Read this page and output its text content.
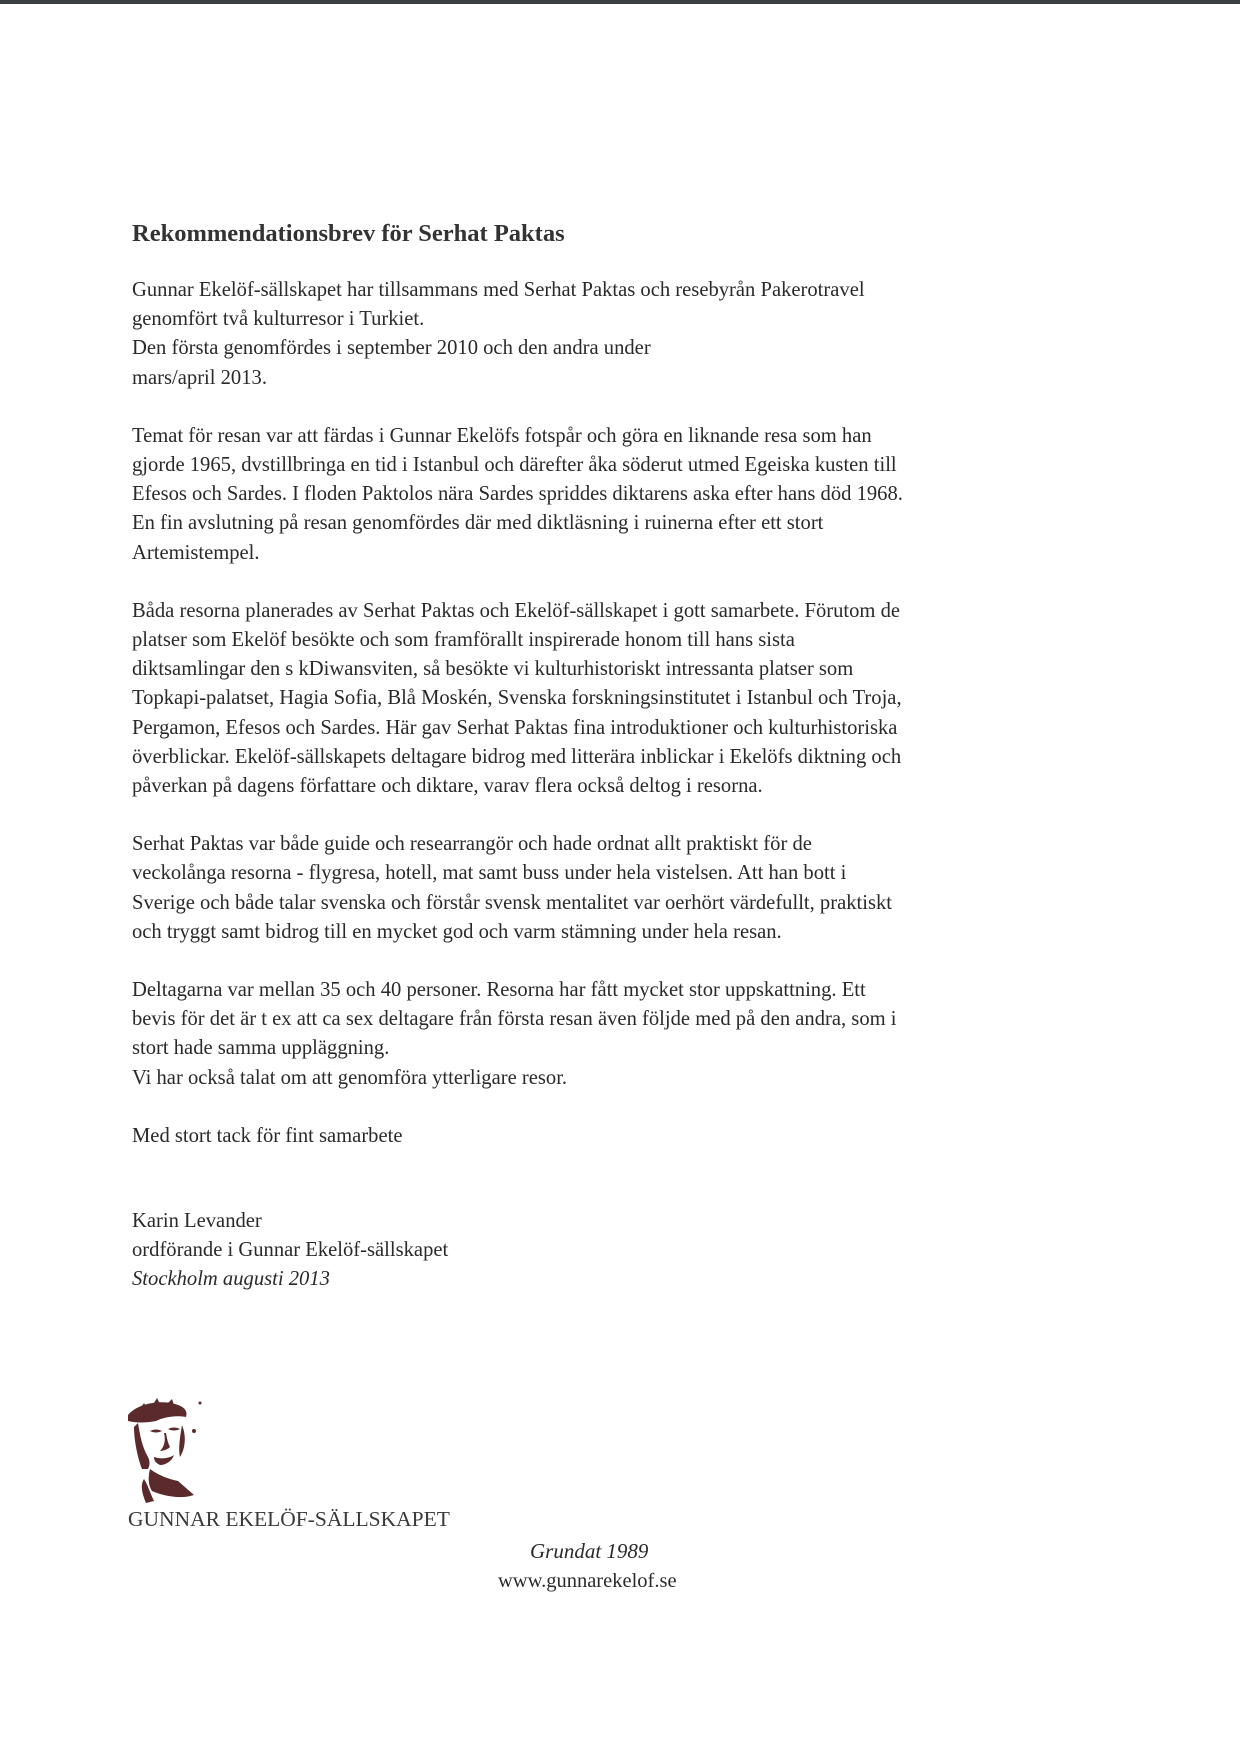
Rekommendationsbrev för Serhat Paktas
Gunnar Ekelöf-sällskapet har tillsammans med Serhat Paktas och resebyrån Pakerotravel
genomfört två kulturresor i Turkiet.
Den första genomfördes i september 2010 och den andra under
mars/april 2013.
Temat för resan var att färdas i Gunnar Ekelöfs fotspår och göra en liknande resa som han
gjorde 1965, dvstillbringa en tid i Istanbul och därefter åka söderut utmed Egeiska kusten till
Efesos och Sardes. I floden Paktolos nära Sardes spriddes diktarens aska efter hans död 1968.
En fin avslutning på resan genomfördes där med diktläsning i ruinerna efter ett stort
Artemistempel.
Båda resorna planerades av Serhat Paktas och Ekelöf-sällskapet i gott samarbete. Förutom de
platser som Ekelöf besökte och som framförallt inspirerade honom till hans sista
diktsamlingar den s kDiwansviten, så besökte vi kulturhistoriskt intressanta platser som
Topkapi-palatset, Hagia Sofia, Blå Moskén, Svenska forskningsinstitutet i Istanbul och Troja,
Pergamon, Efesos och Sardes. Här gav Serhat Paktas fina introduktioner och kulturhistoriska
överblickar. Ekelöf-sällskapets deltagare bidrog med litterära inblickar i Ekelöfs diktning och
påverkan på dagens författare och diktare, varav flera också deltog i resorna.
Serhat Paktas var både guide och researrangör och hade ordnat allt praktiskt för de
veckolånga resorna - flygresa, hotell, mat samt buss under hela vistelsen. Att han bott i
Sverige och både talar svenska och förstår svensk mentalitet var oerhört värdefullt, praktiskt
och tryggt samt bidrog till en mycket god och varm stämning under hela resan.
Deltagarna var mellan 35 och 40 personer. Resorna har fått mycket stor uppskattning. Ett
bevis för det är t ex att ca sex deltagare från första resan även följde med på den andra, som i
stort hade samma uppläggning.
Vi har också talat om att genomföra ytterligare resor.
Med stort tack för fint samarbete
Karin Levander
ordförande i Gunnar Ekelöf-sällskapet
Stockholm augusti 2013
GUNNAR EKELÖF-SÄLLSKAPET
Grundat 1989
www.gunnarekelof.se
